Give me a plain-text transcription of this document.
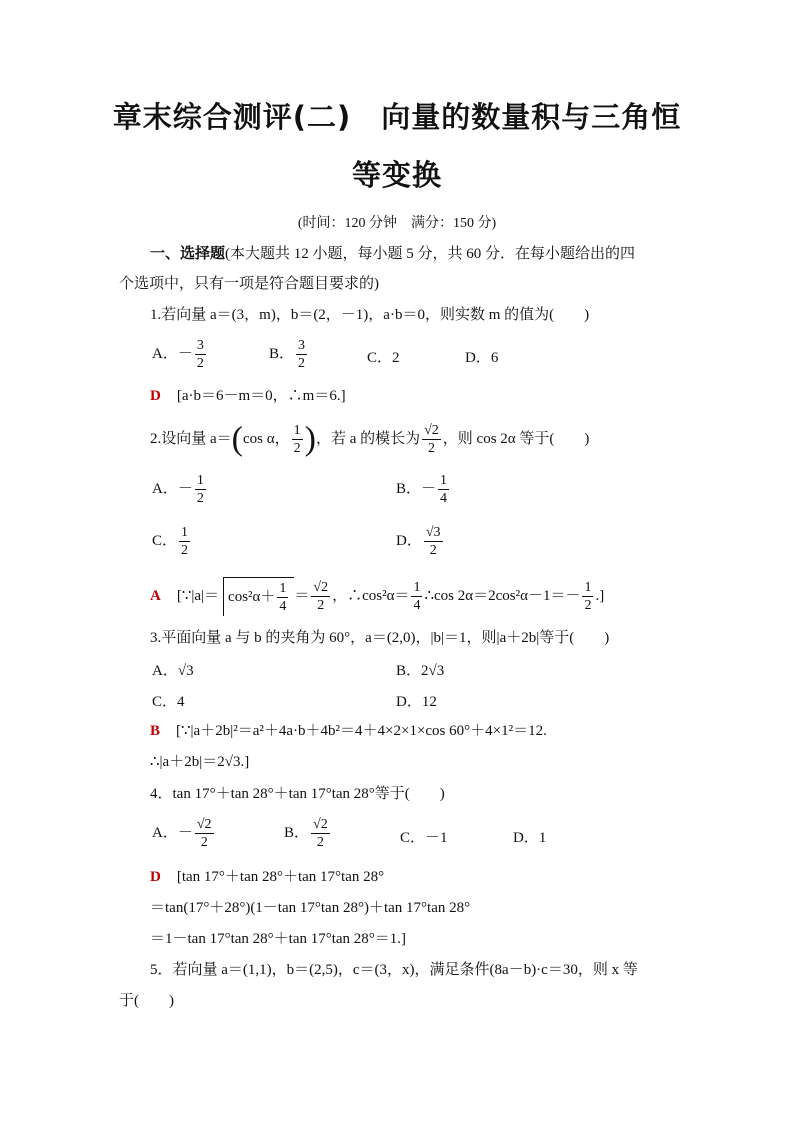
章末综合测评(二)　向量的数量积与三角恒
等变换
(时间：120 分钟　满分：150 分)
一、选择题(本大题共 12 小题，每小题 5 分，共 60 分．在每小题给出的四
个选项中，只有一项是符合题目要求的)
1.若向量 a＝(3，m)，b＝(2，－1)，a·b＝0，则实数 m 的值为(　　)
A．－ $\frac{3}{2}$	B． $\frac{3}{2}$	C．2	D．6
D [a·b＝6－m＝0，∴m＝6.]
2.设向量 a＝(cos α， $\frac{1}{2}$ )，若 a 的模长为 $\frac{√2}{2}$ ，则 cos 2α 等于(　　)
A．－ $\frac{1}{2}$	B．－ $\frac{1}{4}$
C． $\frac{1}{2}$	D． $\frac{√3}{2}$
A [∵|a|＝ $\cos^2\alpha+ \frac{1}{4} = \frac{√2}{2}$ ，∴cos²α＝ $\frac{1}{4}$ ∴cos $2\alpha=2\cos^2\alpha-1=- \frac{1}{2}$ .]
3.平面向量 a 与 b 的夹角为 60°，a＝(2,0)，|b|＝1，则|a＋2b|等于(　　)
A．√3	B．2√3
C．4	D．12
B [∵|a＋2b|²＝a²＋4a·b＋4b²＝4＋4×2×1×cos 60°＋4×1²＝12.
∴|a＋2b|＝2√3.]
4．tan 17°＋tan 28°＋tan 17°tan 28°等于(　　)
A．－ $\frac{√2}{2}$	B． $\frac{√2}{2}$	C．－1	D．1
D [tan 17°＋tan 28°＋tan 17°tan 28°
＝tan(17°＋28°)(1－tan 17°tan 28°)＋tan 17°tan 28°
＝1－tan 17°tan 28°＋tan 17°tan 28°＝1.]
5．若向量 a＝(1,1)，b＝(2,5)，c＝(3，x)，满足条件(8a－b)·c＝30，则 x 等
于(　　)
